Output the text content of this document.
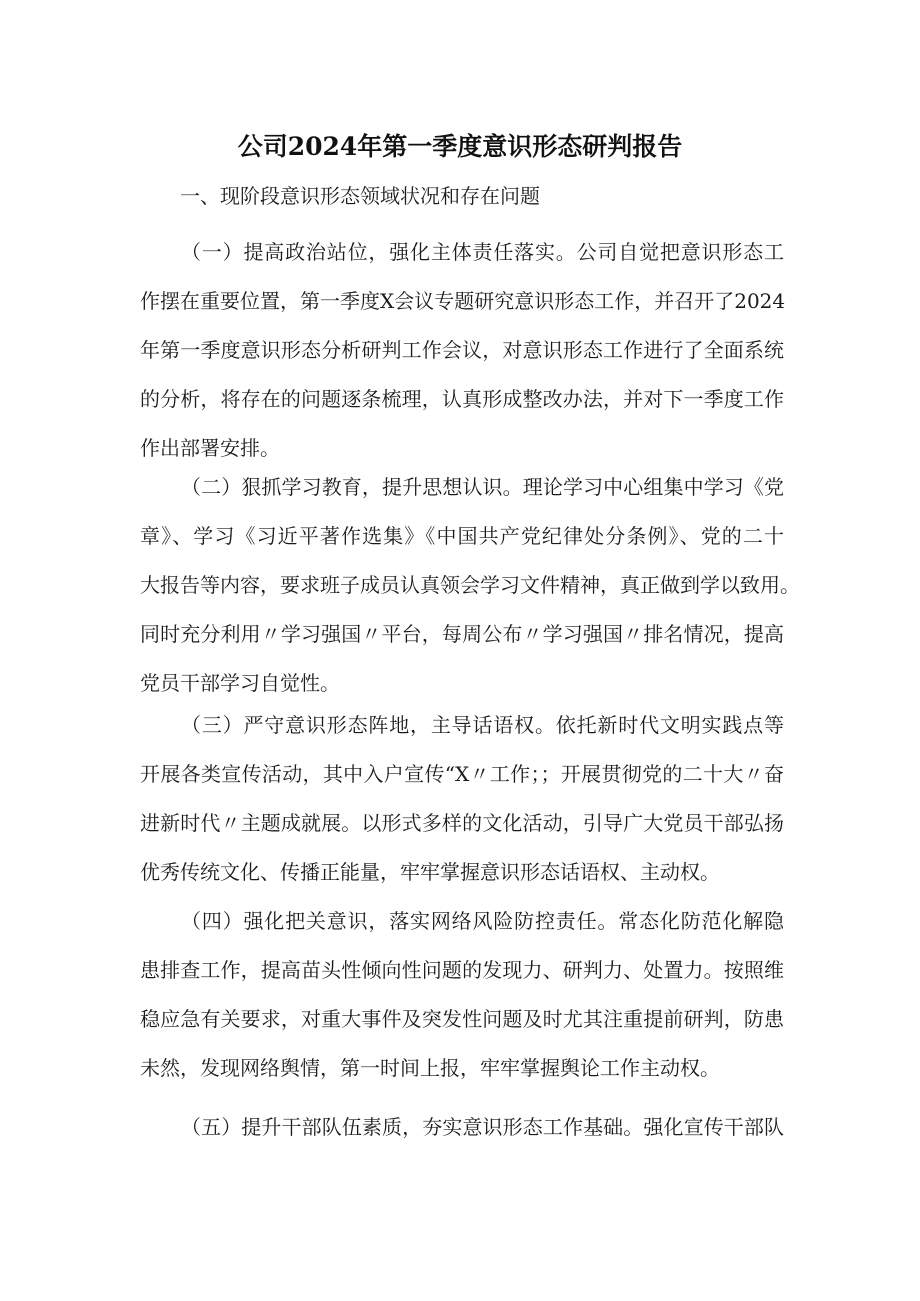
公司2024年第一季度意识形态研判报告
一、现阶段意识形态领域状况和存在问题
（一）提高政治站位，强化主体责任落实。公司自觉把意识形态工
作摆在重要位置，第一季度X会议专题研究意识形态工作，并召开了2024
年第一季度意识形态分析研判工作会议，对意识形态工作进行了全面系统
的分析，将存在的问题逐条梳理，认真形成整改办法，并对下一季度工作
作出部署安排。
（二）狠抓学习教育，提升思想认识。理论学习中心组集中学习《党
章》、学习《习近平著作选集》《中国共产党纪律处分条例》、党的二十
大报告等内容，要求班子成员认真领会学习文件精神，真正做到学以致用。
同时充分利用〃学习强国〃平台，每周公布〃学习强国〃排名情况，提高
党员干部学习自觉性。
（三）严守意识形态阵地，主导话语权。依托新时代文明实践点等
开展各类宣传活动，其中入户宣传“X〃工作；；开展贯彻党的二十大〃奋
进新时代〃主题成就展。以形式多样的文化活动，引导广大党员干部弘扬
优秀传统文化、传播正能量，牢牢掌握意识形态话语权、主动权。
（四）强化把关意识，落实网络风险防控责任。常态化防范化解隐
患排查工作，提高苗头性倾向性问题的发现力、研判力、处置力。按照维
稳应急有关要求，对重大事件及突发性问题及时尤其注重提前研判，防患
未然，发现网络舆情，第一时间上报，牢牢掌握舆论工作主动权。
（五）提升干部队伍素质，夯实意识形态工作基础。强化宣传干部队
